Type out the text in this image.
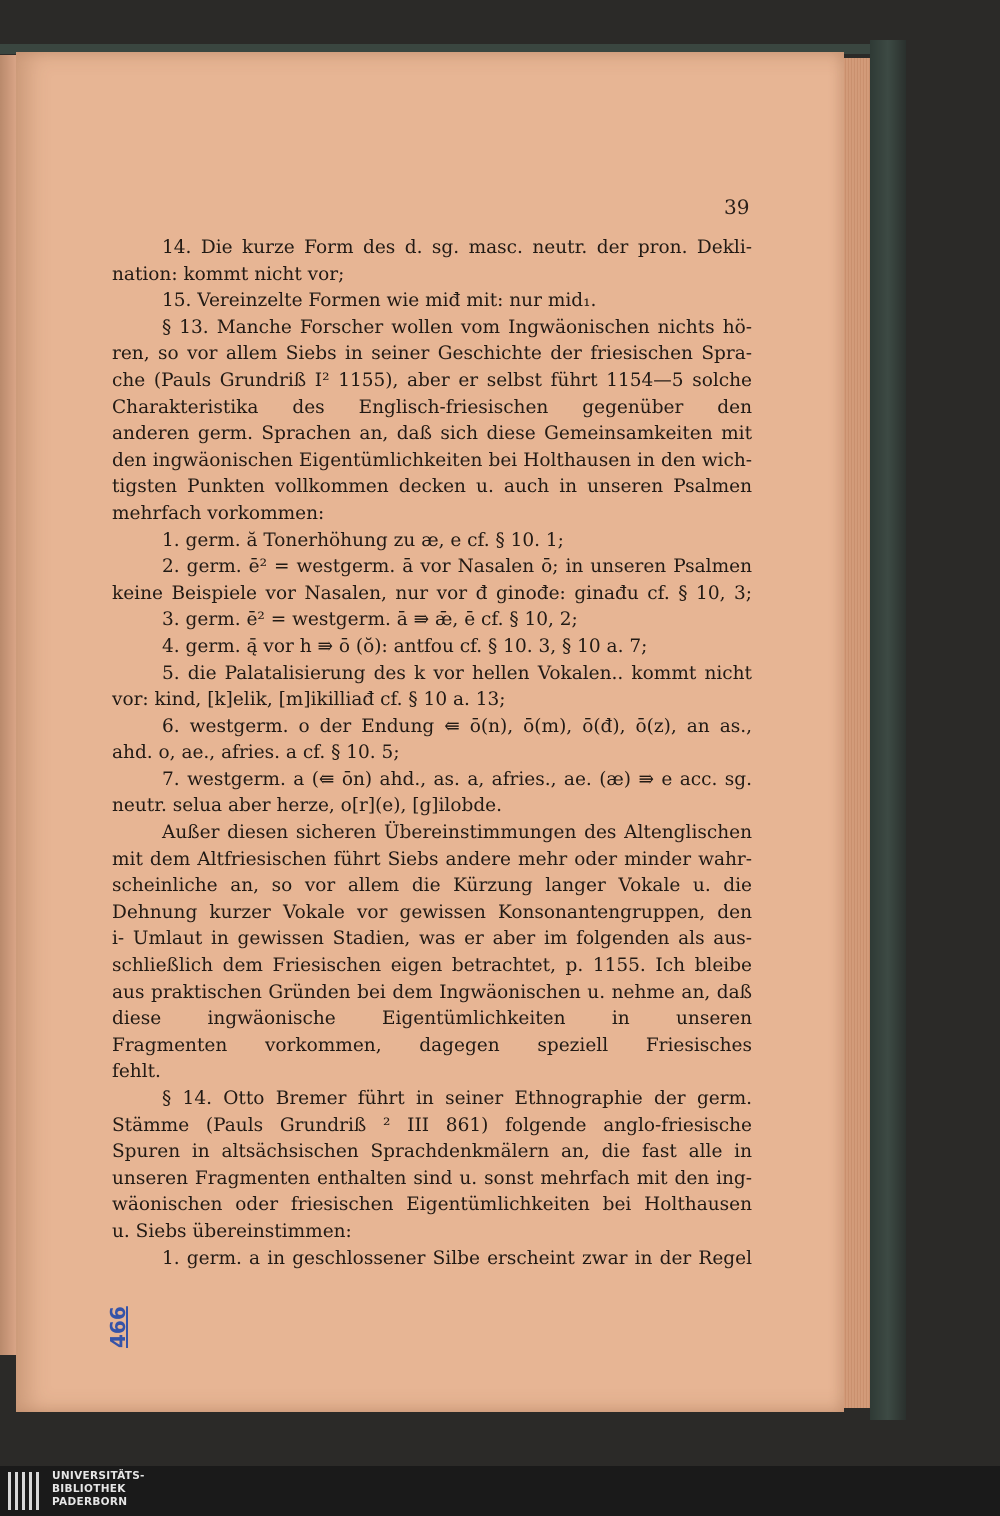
39
14. Die kurze Form des d. sg. masc. neutr. der pron. Dekli-
nation: kommt nicht vor;
15. Vereinzelte Formen wie miđ mit: nur mid₁.
§ 13. Manche Forscher wollen vom Ingwäonischen nichts hö-
ren, so vor allem Siebs in seiner Geschichte der friesischen Spra-
che (Pauls Grundriß I² 1155), aber er selbst führt 1154—5 solche
Charakteristika des Englisch-friesischen gegenüber den
anderen germ. Sprachen an, daß sich diese Gemeinsamkeiten mit
den ingwäonischen Eigentümlichkeiten bei Holthausen in den wich-
tigsten Punkten vollkommen decken u. auch in unseren Psalmen
mehrfach vorkommen:
1. germ. ă Tonerhöhung zu æ, e cf. § 10. 1;
2. germ. ē² = westgerm. ā vor Nasalen ō; in unseren Psalmen
keine Beispiele vor Nasalen, nur vor đ ginođe: ginađu cf. § 10, 3;
3. germ. ē² = westgerm. ā ⇛ ǣ, ē cf. § 10, 2;
4. germ. ą̄ vor h ⇛ ō (ŏ): antfou cf. § 10. 3, § 10 a. 7;
5. die Palatalisierung des k vor hellen Vokalen.. kommt nicht
vor: kind, [k]elik, [m]ikilliađ cf. § 10 a. 13;
6. westgerm. o der Endung ⇚ ō(n), ō(m), ō(đ), ō(z), an as.,
ahd. o, ae., afries. a cf. § 10. 5;
7. westgerm. a (⇚ ōn) ahd., as. a, afries., ae. (æ) ⇛ e acc. sg.
neutr. selua aber herze, o[r](e), [g]ilobde.
Außer diesen sicheren Übereinstimmungen des Altenglischen
mit dem Altfriesischen führt Siebs andere mehr oder minder wahr-
scheinliche an, so vor allem die Kürzung langer Vokale u. die
Dehnung kurzer Vokale vor gewissen Konsonantengruppen, den
i- Umlaut in gewissen Stadien, was er aber im folgenden als aus-
schließlich dem Friesischen eigen betrachtet, p. 1155. Ich bleibe
aus praktischen Gründen bei dem Ingwäonischen u. nehme an, daß
diese ingwäonische Eigentümlichkeiten in unseren
Fragmenten vorkommen, dagegen speziell Friesisches
fehlt.
§ 14. Otto Bremer führt in seiner Ethnographie der germ.
Stämme (Pauls Grundriß ² III 861) folgende anglo-friesische
Spuren in altsächsischen Sprachdenkmälern an, die fast alle in
unseren Fragmenten enthalten sind u. sonst mehrfach mit den ing-
wäonischen oder friesischen Eigentümlichkeiten bei Holthausen
u. Siebs übereinstimmen:
1. germ. a in geschlossener Silbe erscheint zwar in der Regel
466
UNIVERSITÄTS-
BIBLIOTHEK
PADERBORN
